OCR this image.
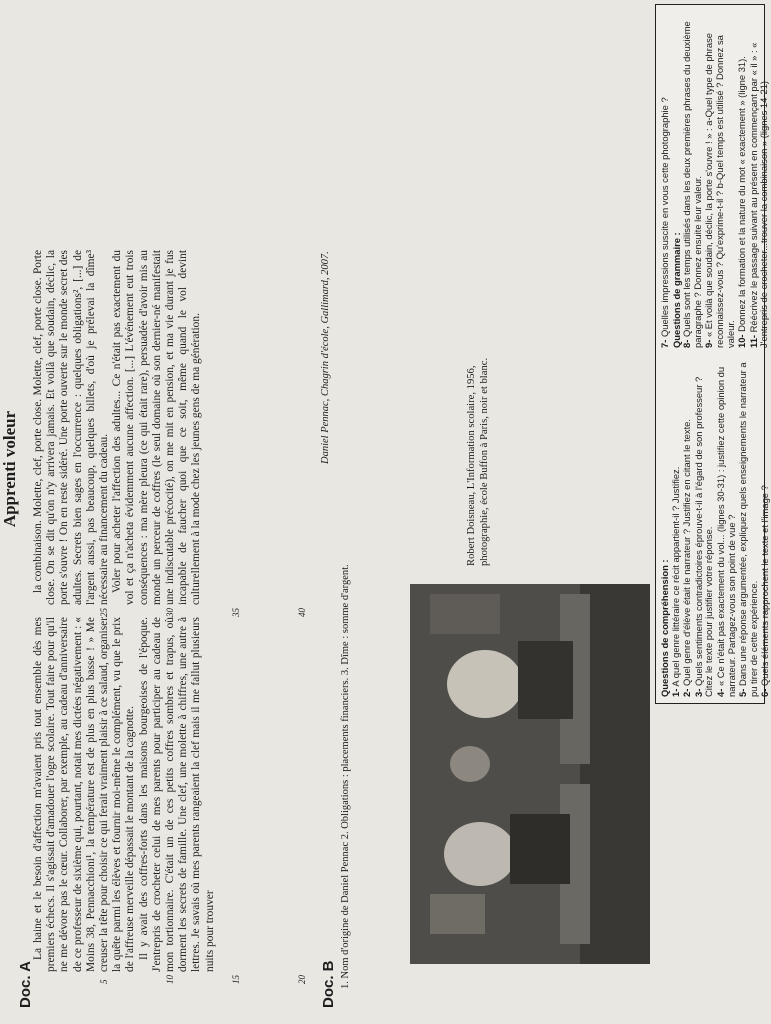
Doc. A
Apprenti voleur
5	10	15	20

La haine et le besoin d'affection m'avaient pris tout ensemble dès mes premiers échecs. Il s'agissait d'amadouer l'ogre scolaire. Tout faire pour qu'il ne me dévore pas le cœur. Collaborer, par exemple, au cadeau d'anniversaire de ce professeur de sixième qui, pourtant, notait mes dictées négativement : « Moins 38, Pennacchioni¹, la température est de plus en plus basse ! » Me creuser la tête pour choisir ce qui ferait vraiment plaisir à ce salaud, organiser la quête parmi les élèves et fournir moi-même le complément, vu que le prix de l'affreuse merveille dépassait le montant de la cagnotte. Il y avait des coffres-forts dans les maisons bourgeoises de l'époque. J'entrepris de crocheter celui de mes parents pour participer au cadeau de mon tortionnaire. C'était un de ces petits coffres sombres et trapus, où dorment les secrets de famille. Une clef, une molette à chiffres, une autre à lettres. Je savais où mes parents rangeaient la clef mais il me fallut plusieurs nuits pour trouver

25	30	35	40

la combinaison. Molette, clef, porte close. Molette, clef, porte close. Porte close. On se dit qu'on n'y arrivera jamais. Et voilà que soudain, déclic, la porte s'ouvre ! On en reste sidéré. Une porte ouverte sur le monde secret des adultes. Secrets bien sages en l'occurrence : quelques obligations², [...] de l'argent aussi, pas beaucoup, quelques billets, d'où je prélevai la dîme³ nécessaire au financement du cadeau. Voler pour acheter l'affection des adultes... Ce n'était pas exactement du vol et ça n'acheta évidemment aucune affection. [...] L'événement eut trois conséquences : ma mère pleura (ce qui était rare), persuadée d'avoir mis au monde un perceur de coffres (le seul domaine où son dernier-né manifestait une indiscutable précocité), on me mit en pension, et ma vie durant je fus incapable de faucher quoi que ce soit, même quand le vol devint culturellement à la mode chez les jeunes gens de ma génération.	Daniel Pennac, Chagrin d'école, Gallimard, 2007.
1. Nom d'origine de Daniel Pennac 2. Obligations : placements financiers. 3. Dîme : somme d'argent.
Doc. B
Robert Doisneau, L'Information scolaire, 1956, photographie, école Buffon à Paris, noir et blanc.
Questions de compréhension : 1- A quel genre littéraire ce récit appartient-il ? Justifiez.
2- Quel genre d'élève était le narrateur ? Justifiez en citant le texte.
3- Quels sentiments contradictoires éprouve-t-il à l'égard de son professeur ? Citez le texte pour justifier votre réponse. 4- « Ce n'était pas exactement du vol... (lignes 30-31) : justifiez cette opinion du narrateur. Partagez-vous son point de vue ? 5- Dans une réponse argumentée, expliquez quels enseignements le narrateur a pu tirer de cette expérience. 6- Quels éléments rapprochent le texte et l'image ?
7- Quelles impressions suscite en vous cette photographie ? Questions de grammaire : 8- Quels sont les temps utilisés dans les deux premières phrases du deuxième paragraphe ? Donnez ensuite leur valeur. 9- « Et voilà que soudain, déclic, la porte s'ouvre ! » : a-Quel type de phrase reconnaissez-vous ? Qu'exprime-t-il ? b-Quel temps est utilisé ? Donnez sa valeur. 10- Donnez la formation et la nature du mot « exactement » (ligne 31).
11- Réécrivez le passage suivant au présent en commençant par « il » : « J'entrepris de crocheter...trouver la combinaison » (lignes 14-21)
